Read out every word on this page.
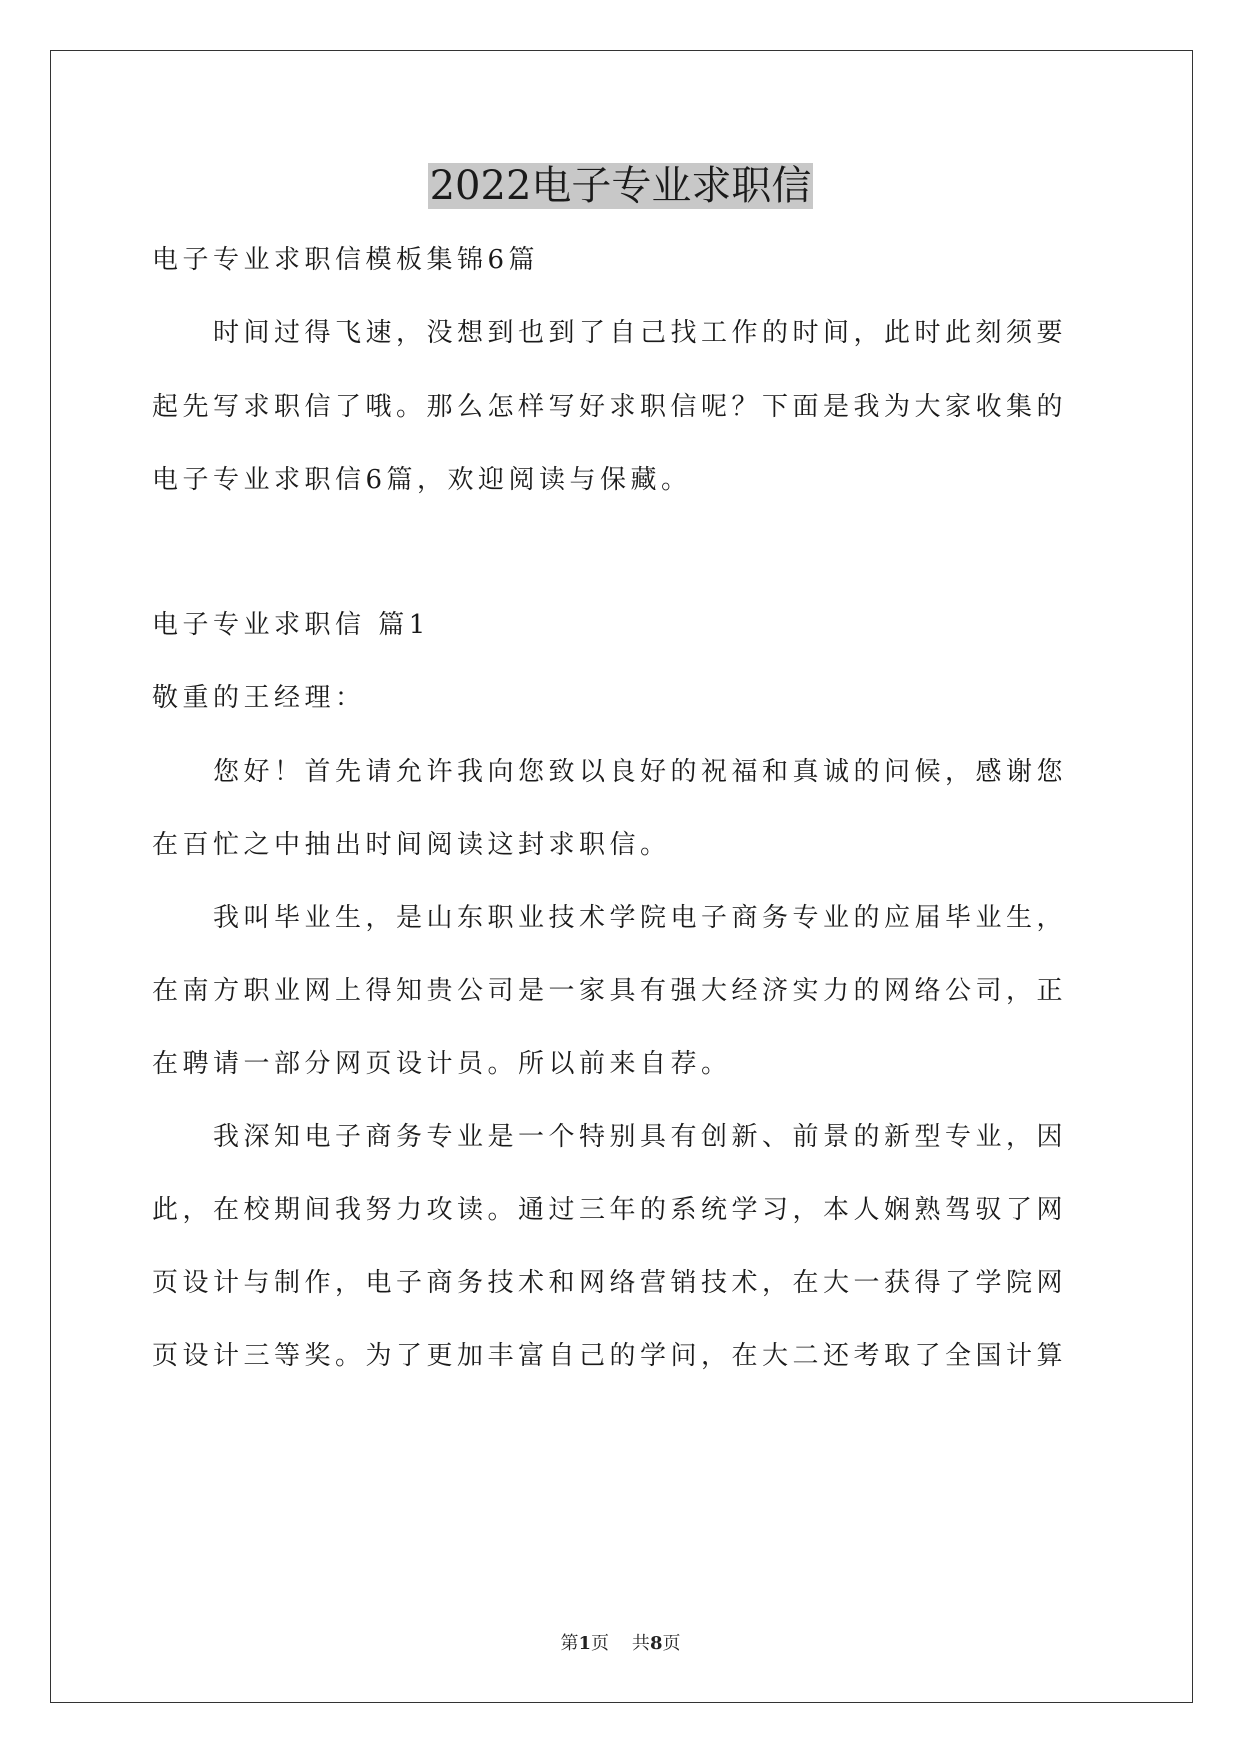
2022电子专业求职信
电子专业求职信模板集锦6篇
时间过得飞速，没想到也到了自己找工作的时间，此时此刻须要
起先写求职信了哦。那么怎样写好求职信呢？下面是我为大家收集的
电子专业求职信6篇，欢迎阅读与保藏。
电子专业求职信 篇1
敬重的王经理：
您好！首先请允许我向您致以良好的祝福和真诚的问候，感谢您
在百忙之中抽出时间阅读这封求职信。
我叫毕业生，是山东职业技术学院电子商务专业的应届毕业生，
在南方职业网上得知贵公司是一家具有强大经济实力的网络公司，正
在聘请一部分网页设计员。所以前来自荐。
我深知电子商务专业是一个特别具有创新、前景的新型专业，因
此，在校期间我努力攻读。通过三年的系统学习，本人娴熟驾驭了网
页设计与制作，电子商务技术和网络营销技术，在大一获得了学院网
页设计三等奖。为了更加丰富自己的学问，在大二还考取了全国计算
第1页    共8页
